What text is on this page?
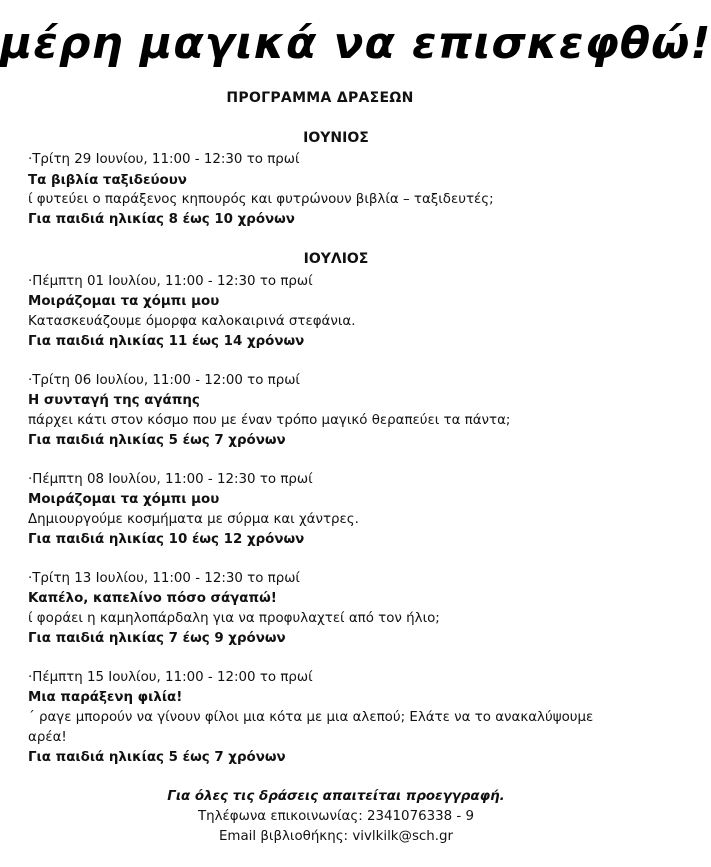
μέρη μαγικά να επισκεφθώ!
ΠΡΟΓΡΑΜΜΑ ΔΡΑΣΕΩΝ
ΙΟΥΝΙΟΣ
·Τρίτη 29 Ιουνίου, 11:00 - 12:30 το πρωί
Τα βιβλία ταξιδεύουν
ί φυτεύει ο παράξενος κηπουρός και φυτρώνουν βιβλία – ταξιδευτές;
Για παιδιά ηλικίας 8 έως 10 χρόνων
ΙΟΥΛΙΟΣ
·Πέμπτη 01 Ιουλίου, 11:00 - 12:30 το πρωί
Μοιράζομαι τα χόμπι μου
Κατασκευάζουμε όμορφα καλοκαιρινά στεφάνια.
Για παιδιά ηλικίας 11 έως 14 χρόνων
·Τρίτη 06 Ιουλίου, 11:00 - 12:00 το πρωί
Η συνταγή της αγάπης
πάρχει κάτι στον κόσμο που με έναν τρόπο μαγικό θεραπεύει τα πάντα;
Για παιδιά ηλικίας 5 έως 7 χρόνων
·Πέμπτη 08 Ιουλίου, 11:00 - 12:30 το πρωί
Μοιράζομαι τα χόμπι μου
Δημιουργούμε κοσμήματα με σύρμα και χάντρες.
Για παιδιά ηλικίας 10 έως 12 χρόνων
·Τρίτη 13 Ιουλίου, 11:00 - 12:30 το πρωί
Καπέλο, καπελίνο πόσο σάγαπώ!
ί φοράει η καμηλοπάρδαλη για να προφυλαχτεί από τον ήλιο;
Για παιδιά ηλικίας 7 έως 9 χρόνων
·Πέμπτη 15 Ιουλίου, 11:00 - 12:00 το πρωί
Μια παράξενη φιλία!
΄ ραγε μπορούν να γίνουν φίλοι μια κότα με μια αλεπού; Ελάτε να το ανακαλύψουμε
αρέα!
Για παιδιά ηλικίας 5 έως 7 χρόνων
Για όλες τις δράσεις απαιτείται προεγγραφή.
Τηλέφωνα επικοινωνίας: 2341076338 - 9
Email βιβλιοθήκης: vivlkilk@sch.gr
